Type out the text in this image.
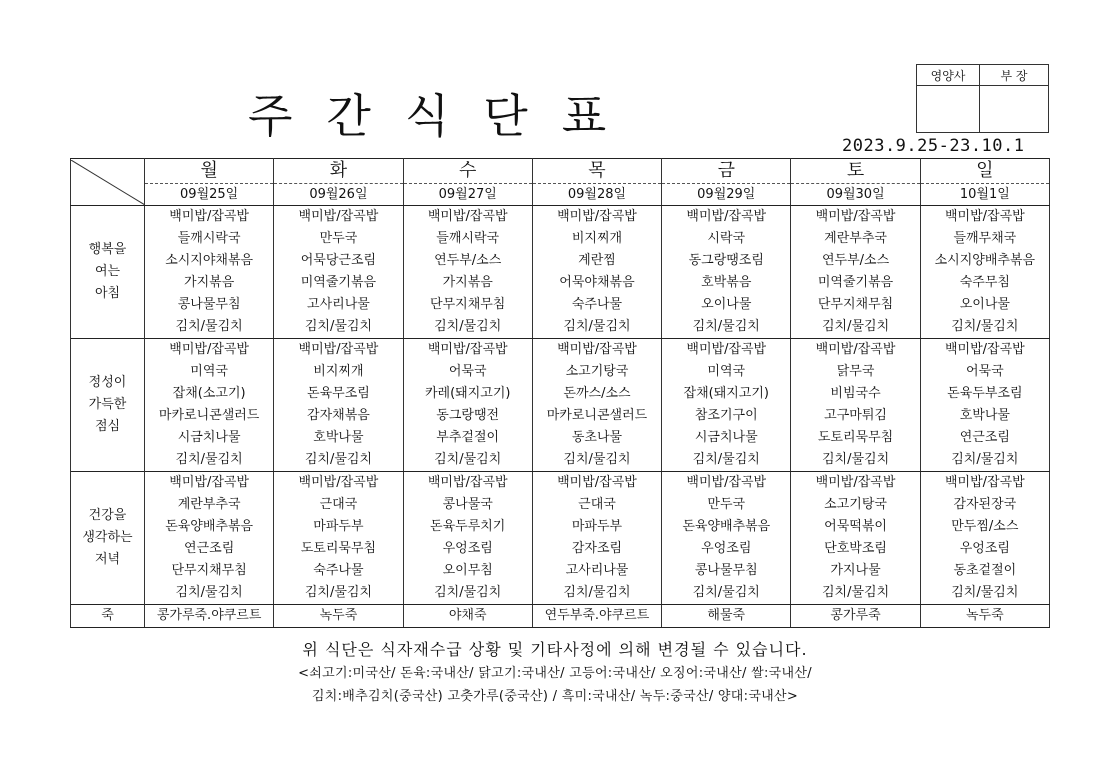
주간식단표
영양사	부 장

2023.9.25-23.10.1
	월	화	수	목	금	토	일
	09월25일	09월26일	09월27일	09월28일	09월29일	09월30일	10월1일

행복을
여는
아침	백미밥/잡곡밥	백미밥/잡곡밥	백미밥/잡곡밥	백미밥/잡곡밥	백미밥/잡곡밥	백미밥/잡곡밥	백미밥/잡곡밥
	들깨시락국	만두국	들깨시락국	비지찌개	시락국	계란부추국	들깨무채국
	소시지야채볶음	어묵당근조림	연두부/소스	계란찜	동그랑땡조림	연두부/소스	소시지양배추볶음
	가지볶음	미역줄기볶음	가지볶음	어묵야채볶음	호박볶음	미역줄기볶음	숙주무침
	콩나물무침	고사리나물	단무지채무침	숙주나물	오이나물	단무지채무침	오이나물
	김치/물김치	김치/물김치	김치/물김치	김치/물김치	김치/물김치	김치/물김치	김치/물김치

정성이
가득한
점심	백미밥/잡곡밥	백미밥/잡곡밥	백미밥/잡곡밥	백미밥/잡곡밥	백미밥/잡곡밥	백미밥/잡곡밥	백미밥/잡곡밥
	미역국	비지찌개	어묵국	소고기탕국	미역국	닭무국	어묵국
	잡채(소고기)	돈육무조림	카레(돼지고기)	돈까스/소스	잡채(돼지고기)	비빔국수	돈육두부조림
	마카로니콘샐러드	감자채볶음	동그랑땡전	마카로니콘샐러드	참조기구이	고구마튀김	호박나물
	시금치나물	호박나물	부추겉절이	동초나물	시금치나물	도토리묵무침	연근조림
	김치/물김치	김치/물김치	김치/물김치	김치/물김치	김치/물김치	김치/물김치	김치/물김치

건강을
생각하는
저녁	백미밥/잡곡밥	백미밥/잡곡밥	백미밥/잡곡밥	백미밥/잡곡밥	백미밥/잡곡밥	백미밥/잡곡밥	백미밥/잡곡밥
	계란부추국	근대국	콩나물국	근대국	만두국	소고기탕국	감자된장국
	돈육양배추볶음	마파두부	돈육두루치기	마파두부	돈육양배추볶음	어묵떡볶이	만두찜/소스
	연근조림	도토리묵무침	우엉조림	감자조림	우엉조림	단호박조림	우엉조림
	단무지채무침	숙주나물	오이무침	고사리나물	콩나물무침	가지나물	동초겉절이
	김치/물김치	김치/물김치	김치/물김치	김치/물김치	김치/물김치	김치/물김치	김치/물김치
죽	콩가루죽.야쿠르트	녹두죽	야채죽	연두부죽.야쿠르트	해물죽	콩가루죽	녹두죽
위 식단은 식자재수급 상황 및 기타사정에 의해 변경될 수 있습니다.
<쇠고기:미국산/ 돈육:국내산/ 닭고기:국내산/ 고등어:국내산/ 오징어:국내산/ 쌀:국내산/
김치:배추김치(중국산) 고춧가루(중국산) / 흑미:국내산/ 녹두:중국산/ 양대:국내산>
